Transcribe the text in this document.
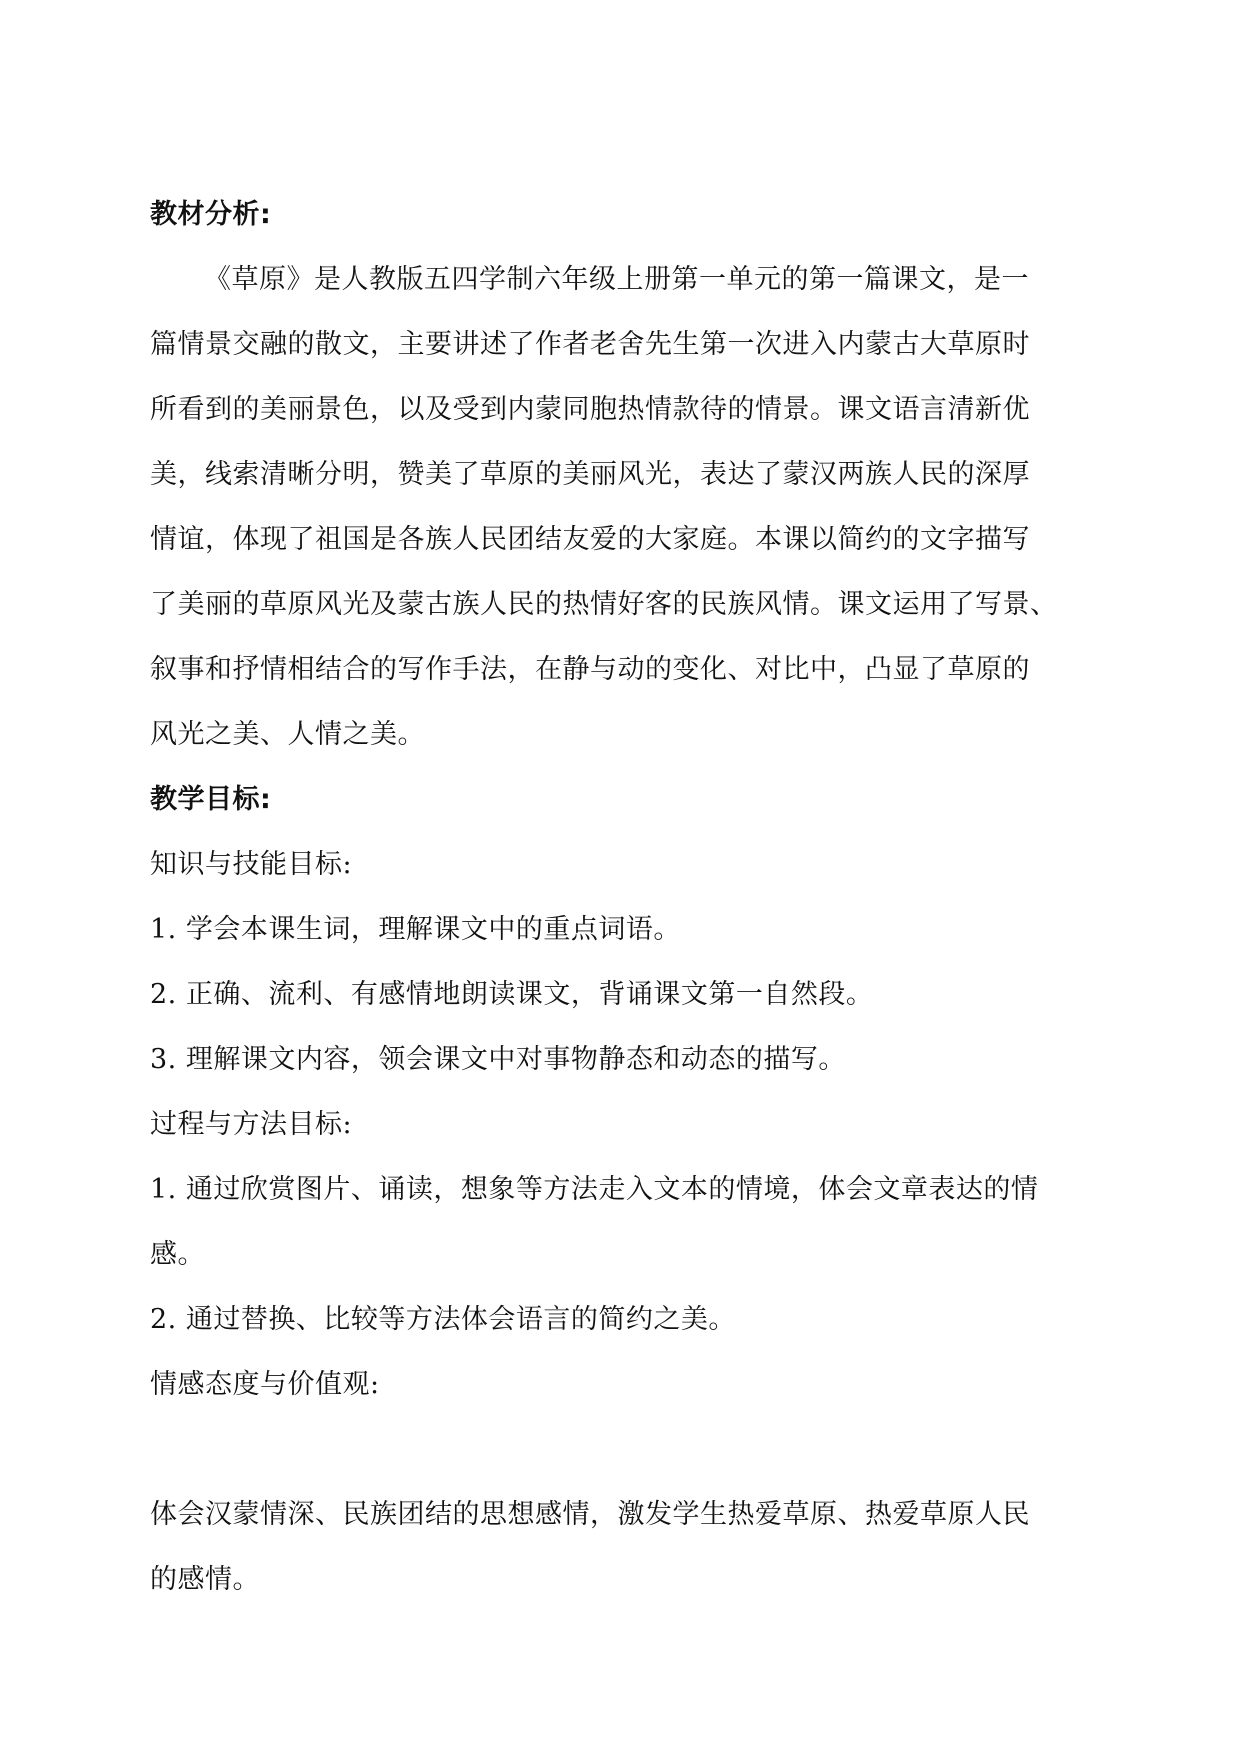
教材分析:
《草原》是人教版五四学制六年级上册第一单元的第一篇课文，是一
篇情景交融的散文，主要讲述了作者老舍先生第一次进入内蒙古大草原时
所看到的美丽景色，以及受到内蒙同胞热情款待的情景。课文语言清新优
美，线索清晰分明，赞美了草原的美丽风光，表达了蒙汉两族人民的深厚
情谊，体现了祖国是各族人民团结友爱的大家庭。本课以简约的文字描写
了美丽的草原风光及蒙古族人民的热情好客的民族风情。课文运用了写景、
叙事和抒情相结合的写作手法，在静与动的变化、对比中，凸显了草原的
风光之美、人情之美。
教学目标:
知识与技能目标:
1. 学会本课生词，理解课文中的重点词语。
2. 正确、流利、有感情地朗读课文，背诵课文第一自然段。
3. 理解课文内容，领会课文中对事物静态和动态的描写。
过程与方法目标:
1. 通过欣赏图片、诵读，想象等方法走入文本的情境，体会文章表达的情
感。
2. 通过替换、比较等方法体会语言的简约之美。
情感态度与价值观:
体会汉蒙情深、民族团结的思想感情，激发学生热爱草原、热爱草原人民
的感情。
